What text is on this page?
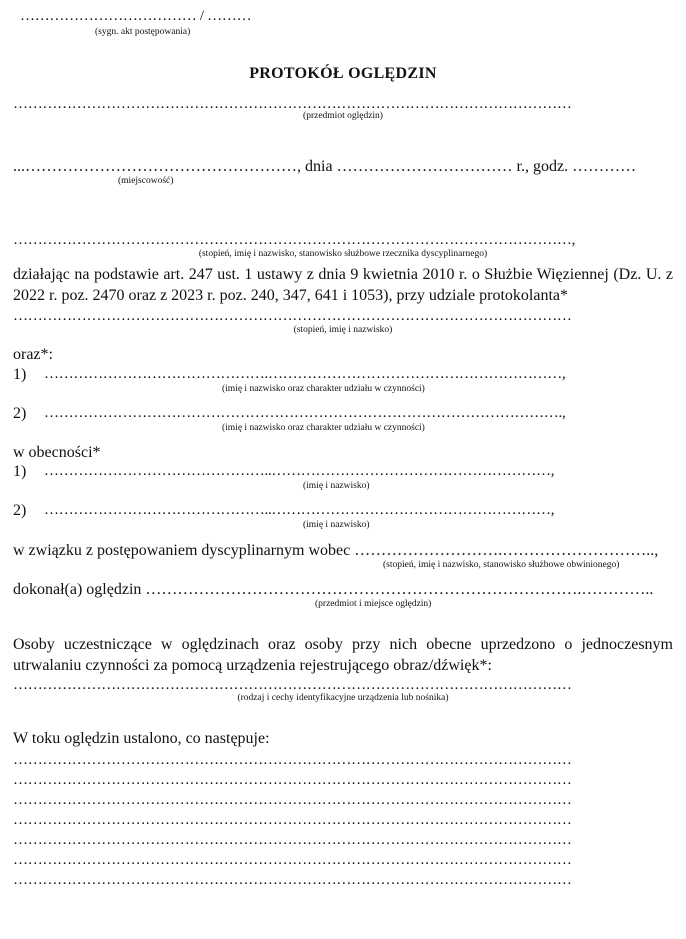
……………………………… / ………
(sygn. akt postępowania)
PROTOKÓŁ OGLĘDZIN
……………………………………………………………………………………………………
(przedmiot oględzin)
...……………………………………………, dnia …………………………… r., godz. …………
(miejscowość)
……………………………………………………………………………………………………,
(stopień, imię i nazwisko, stanowisko służbowe rzecznika dyscyplinarnego)
działając na podstawie art. 247 ust. 1 ustawy z dnia 9 kwietnia 2010 r. o Służbie Więziennej (Dz. U. z 2022 r. poz. 2470 oraz z 2023 r. poz. 240, 347, 641 i 1053), przy udziale protokolanta*
……………………………………………………………………………………………………
(stopień, imię i nazwisko)
oraz*:
1) ……………………………………….……………………………………………………,
(imię i nazwisko oraz charakter udziału w czynności)
2) …………………………………………………………………………………………….,
(imię i nazwisko oraz charakter udziału w czynności)
w obecności*
1) ………………………………………..…………………………………………………,
(imię i nazwisko)
2) ………………………………………..…………………………………………………,
(imię i nazwisko)
w związku z postępowaniem dyscyplinarnym wobec ……………………….………………………..,
(stopień, imię i nazwisko, stanowisko służbowe obwinionego)
dokonał(a) oględzin ……………………………………………………………………….…………..
(przedmiot i miejsce oględzin)
Osoby uczestniczące w oględzinach oraz osoby przy nich obecne uprzedzono o jednoczesnym utrwalaniu czynności za pomocą urządzenia rejestrującego obraz/dźwięk*:
……………………………………………………………………………………………………
(rodzaj i cechy identyfikacyjne urządzenia lub nośnika)
W toku oględzin ustalono, co następuje:
……………………………………………………………………………………………………
……………………………………………………………………………………………………
……………………………………………………………………………………………………
……………………………………………………………………………………………………
……………………………………………………………………………………………………
……………………………………………………………………………………………………
……………………………………………………………………………………………………
